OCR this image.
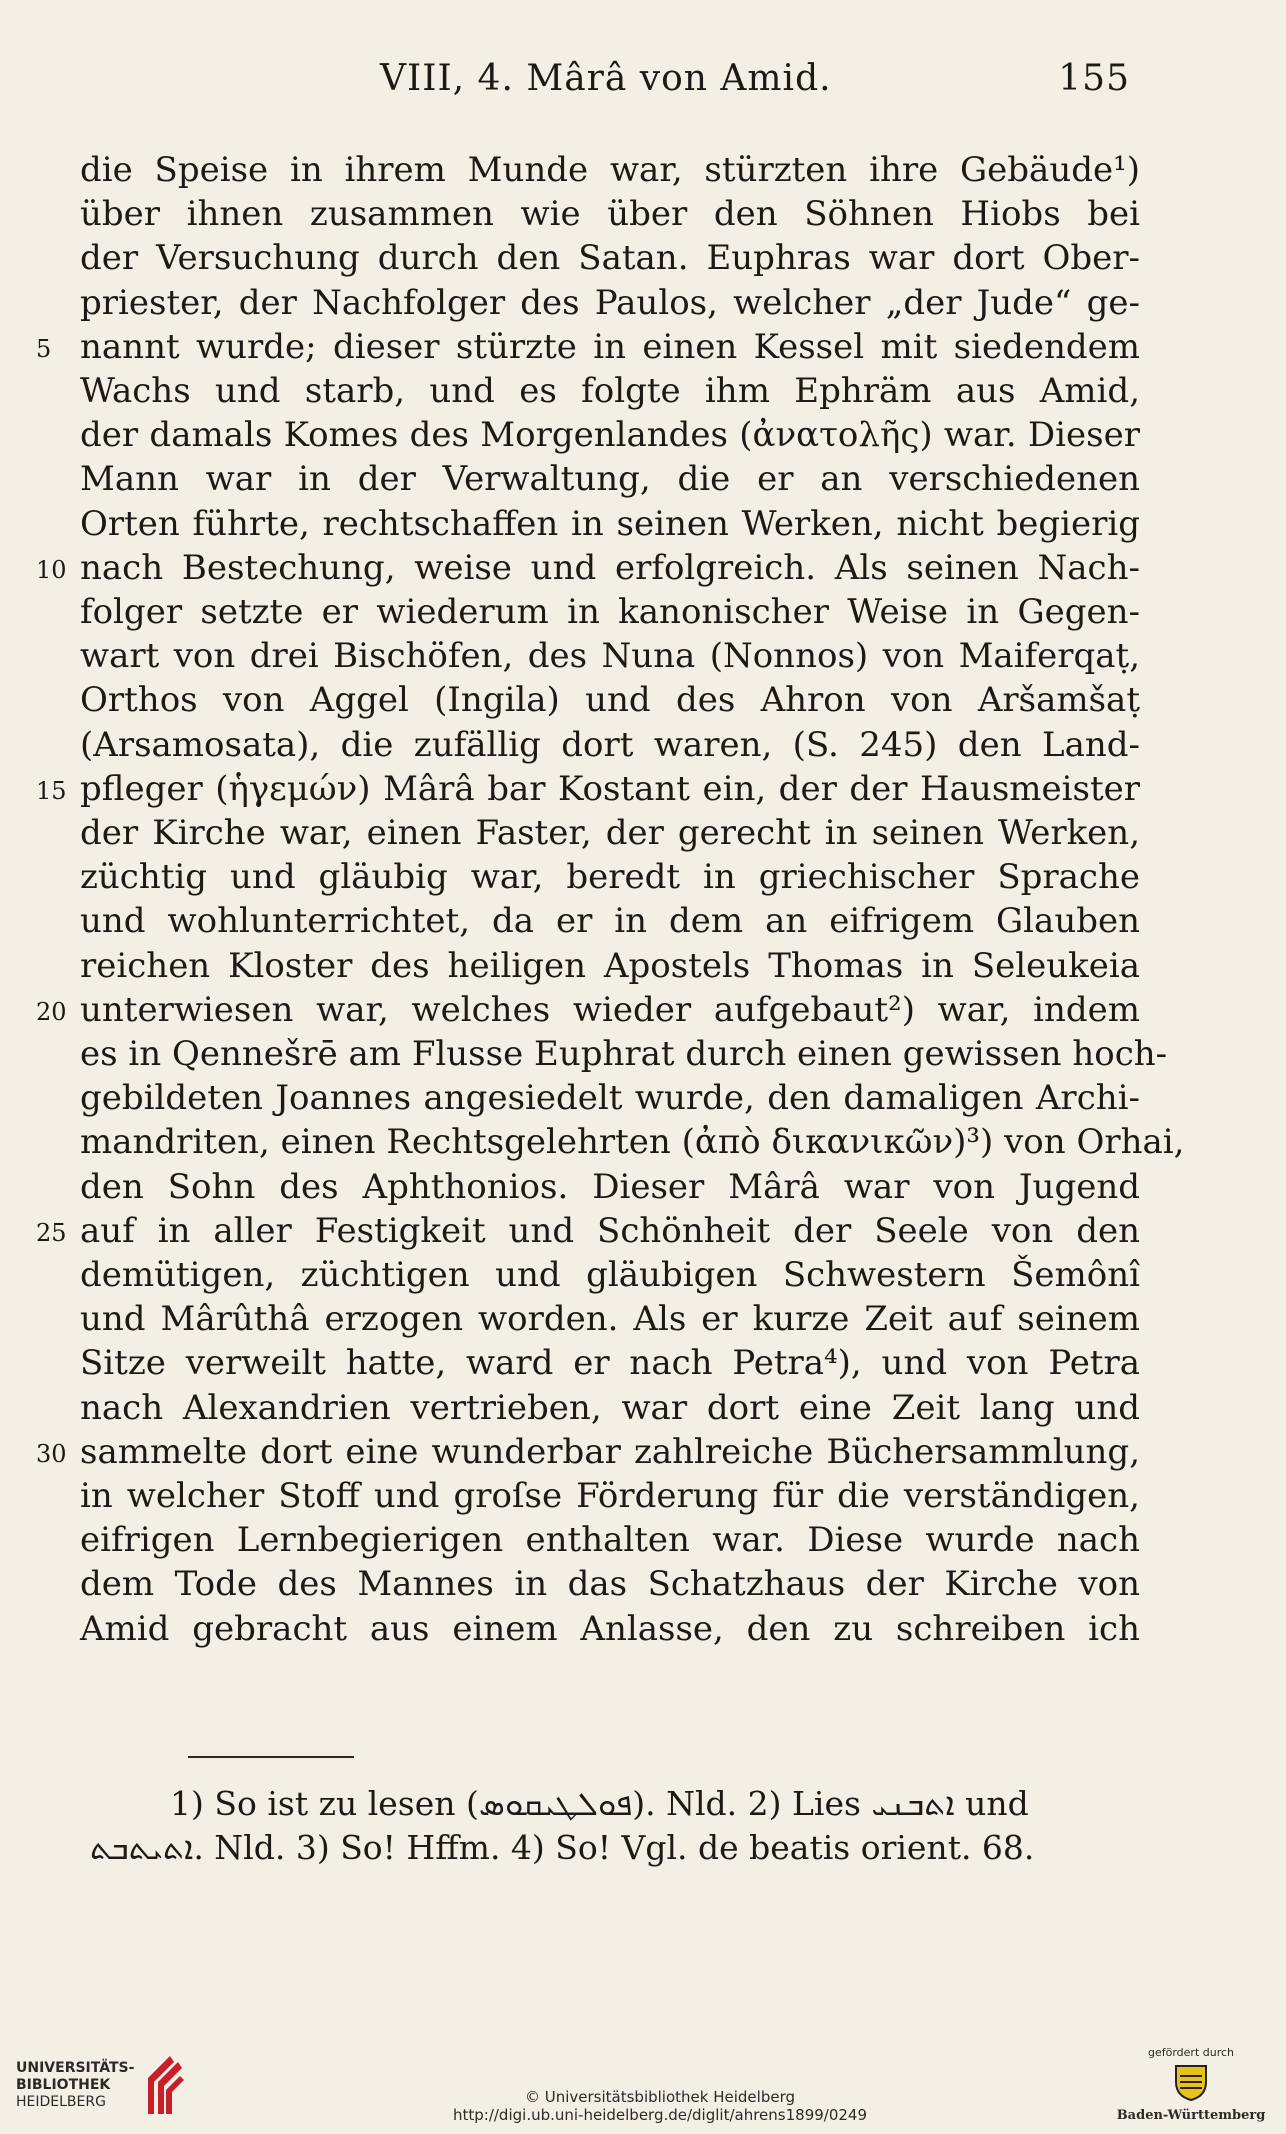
VIII, 4. Mârâ von Amid.	155
die Speise in ihrem Munde war, stürzten ihre Gebäude¹)
über ihnen zusammen wie über den Söhnen Hiobs bei
der Versuchung durch den Satan. Euphras war dort Ober-
priester, der Nachfolger des Paulos, welcher „der Jude“ ge-
nannt wurde; dieser stürzte in einen Kessel mit siedendem
5
Wachs und starb, und es folgte ihm Ephräm aus Amid,
der damals Komes des Morgenlandes (ἀνατολῆς) war. Dieser
Mann war in der Verwaltung, die er an verschiedenen
Orten führte, rechtschaffen in seinen Werken, nicht begierig
nach Bestechung, weise und erfolgreich. Als seinen Nach-
10
folger setzte er wiederum in kanonischer Weise in Gegen-
wart von drei Bischöfen, des Nuna (Nonnos) von Maiferqaṭ,
Orthos von Aggel (Ingila) und des Ahron von Aršamšaṭ
(Arsamosata), die zufällig dort waren, (S. 245) den Land-
pfleger (ἡγεμών) Mârâ bar Kostant ein, der der Hausmeister
15
der Kirche war, einen Faster, der gerecht in seinen Werken,
züchtig und gläubig war, beredt in griechischer Sprache
und wohlunterrichtet, da er in dem an eifrigem Glauben
reichen Kloster des heiligen Apostels Thomas in Seleukeia
unterwiesen war, welches wieder aufgebaut²) war, indem
20
es in Qennešrē am Flusse Euphrat durch einen gewissen hoch-
gebildeten Joannes angesiedelt wurde, den damaligen Archi-
mandriten, einen Rechtsgelehrten (ἀπὸ δικανικῶν)³) von Orhai,
den Sohn des Aphthonios. Dieser Mârâ war von Jugend
auf in aller Festigkeit und Schönheit der Seele von den
25
demütigen, züchtigen und gläubigen Schwestern Šemônî
und Mârûthâ erzogen worden. Als er kurze Zeit auf seinem
Sitze verweilt hatte, ward er nach Petra⁴), und von Petra
nach Alexandrien vertrieben, war dort eine Zeit lang und
sammelte dort eine wunderbar zahlreiche Büchersammlung,
30
in welcher Stoff und groſse Förderung für die verständigen,
eifrigen Lernbegierigen enthalten war. Diese wurde nach
dem Tode des Mannes in das Schatzhaus der Kirche von
Amid gebracht aus einem Anlasse, den zu schreiben ich
1) So ist zu lesen (ܦܘܠܛܝܩܘܣ). Nld. 2) Lies ܐܬܒܢܝ und
ܐܬܝܬܒܬ. Nld. 3) So! Hffm. 4) So! Vgl. de beatis orient. 68.
UNIVERSITÄTS-
BIBLIOTHEK
HEIDELBERG	© Universitätsbibliothek Heidelberg
http://digi.ub.uni-heidelberg.de/diglit/ahrens1899/0249
gefördert durch
Baden-Württemberg
